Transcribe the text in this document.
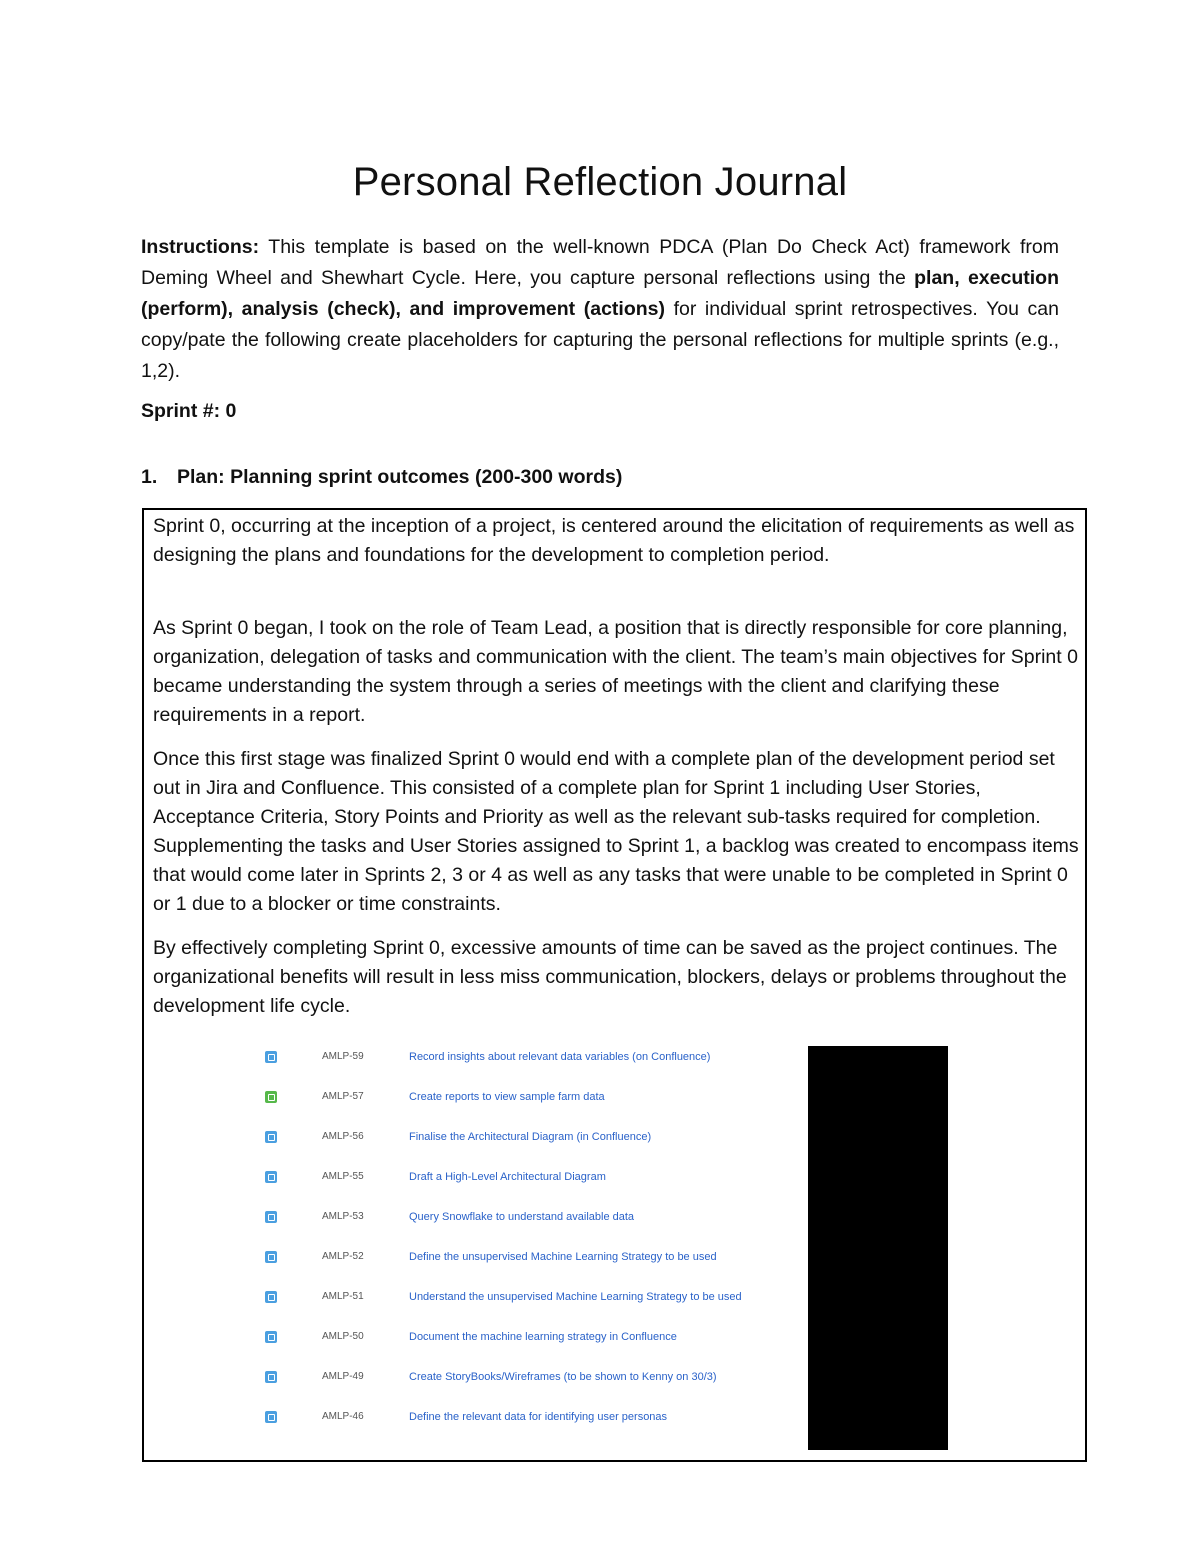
Personal Reflection Journal

Instructions: This template is based on the well-known PDCA (Plan Do Check Act) framework from Deming Wheel and Shewhart Cycle. Here, you capture personal reflections using the plan, execution (perform), analysis (check), and improvement (actions) for individual sprint retrospectives. You can copy/pate the following create placeholders for capturing the personal reflections for multiple sprints (e.g., 1,2).

Sprint #: 0

1. Plan: Planning sprint outcomes (200-300 words)

Sprint 0, occurring at the inception of a project, is centered around the elicitation of requirements as well as designing the plans and foundations for the development to completion period.

As Sprint 0 began, I took on the role of Team Lead, a position that is directly responsible for core planning, organization, delegation of tasks and communication with the client. The team’s main objectives for Sprint 0 became understanding the system through a series of meetings with the client and clarifying these requirements in a report.

Once this first stage was finalized Sprint 0 would end with a complete plan of the development period set out in Jira and Confluence. This consisted of a complete plan for Sprint 1 including User Stories, Acceptance Criteria, Story Points and Priority as well as the relevant sub-tasks required for completion. Supplementing the tasks and User Stories assigned to Sprint 1, a backlog was created to encompass items that would come later in Sprints 2, 3 or 4 as well as any tasks that were unable to be completed in Sprint 0 or 1 due to a blocker or time constraints.

By effectively completing Sprint 0, excessive amounts of time can be saved as the project continues. The organizational benefits will result in less miss communication, blockers, delays or problems throughout the development life cycle.

AMLP-59	Record insights about relevant data variables (on Confluence)
AMLP-57	Create reports to view sample farm data
AMLP-56	Finalise the Architectural Diagram (in Confluence)
AMLP-55	Draft a High-Level Architectural Diagram
AMLP-53	Query Snowflake to understand available data
AMLP-52	Define the unsupervised Machine Learning Strategy to be used
AMLP-51	Understand the unsupervised Machine Learning Strategy to be used
AMLP-50	Document the machine learning strategy in Confluence
AMLP-49	Create StoryBooks/Wireframes (to be shown to Kenny on 30/3)
AMLP-46	Define the relevant data for identifying user personas
